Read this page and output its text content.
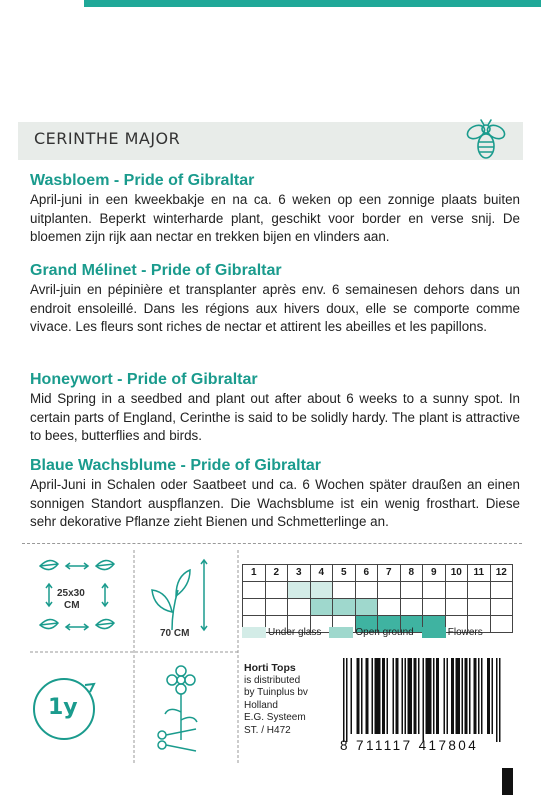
CERINTHE MAJOR
Wasbloem - Pride of Gibraltar

April-juni in een kweekbakje en na ca. 6 weken op een zonnige plaats buiten uitplanten. Beperkt winterharde plant, geschikt voor border en verse snij. De bloemen zijn rijk aan nectar en trekken bijen en vlinders aan.

Grand Mélinet - Pride of Gibraltar

Avril-juin en pépinière et transplanter après env. 6 semainesen dehors dans un endroit ensoleillé. Dans les régions aux hivers doux, elle se comporte comme vivace. Les fleurs sont riches de nectar et attirent les abeilles et les papillons.

Honeywort - Pride of Gibraltar

Mid Spring in a seedbed and plant out after about 6 weeks to a sunny spot. In certain parts of England, Cerinthe is said to be solidly hardy. The plant is attractive to bees, butterflies and birds.

Blaue Wachsblume - Pride of Gibraltar

April-Juni in Schalen oder Saatbeet und ca. 6 Wochen später draußen an einen sonnigen Standort auspflanzen. Die Wachsblume ist ein wenig frosthart. Diese sehr dekorative Pflanze zieht Bienen und Schmetterlinge an.

25x30
CM
70 CM
1y
1	2	3	4	5	6	7	8	9	10	11	12

Under glass	Open ground	Flowers
Horti Tops
is distributed
by Tuinplus bv
Holland
E.G. Systeem
ST. / H472
8 711117 417804
